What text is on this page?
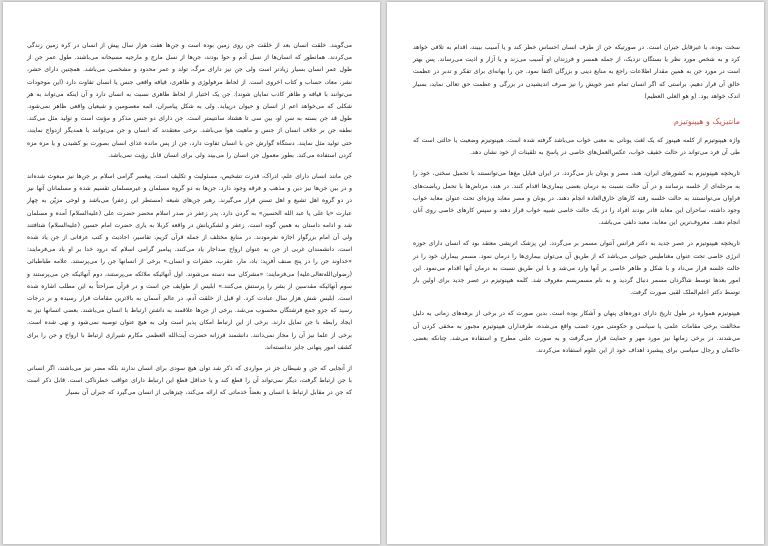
می‌گویند. خلقت انسان بعد از خلقت جن روی زمین بوده است و جن‌ها هفت هزار سال پیش از انسان در کره زمین زندگی می‌کردند. همانطور که انسان‌ها از نسل آدم و حوا بودند، جن‌ها از نسل مارج و مارجیه مسیحانه می‌باشند. طول عمر جن از طول عمر انسان بسیار زیادتر است ولی جن نیز دارای مرگ، تولد و عمر محدود و مشخصی می‌باشد. همچنین دارای حشر، نشر، معاد، حساب و کتاب اخروی است. از لحاظ مرفولوژی و ظاهری، قیافه واقعی جنس یا انسان تفاوت دارد (این موجودات می‌توانند با قیافه و ظاهر کاذب نمایان شوند). جن یک اختیار از لحاظ ظاهری نسبت به انسان دارد و آن اینکه می‌تواند به هر شکلی که می‌خواهد اعم از انسان و حیوان درپیاید. ولی به شکل پیامبران، ائمه معصومین و شیعیان واقعی ظاهر نمی‌شود. طول قد جن بسته به سن او، بین سی تا هشتاد سانتیمتر است. جن دارای دو جنس مذکر و مؤنث است و تولید مثل می‌کند. نطفه جن بر خلاف انسان از جنس و ماهیت هوا می‌باشد. برخی معتقدند که انسان و جن می‌توانند با همدیگر ازدواج نمایند، حتی تولید مثل نمایند. دستگاه گوارش جن با انسان تفاوت دارد، جن از پس مانده غذای انسان بصورت بو کشیدن و یا مزه مزه کردن استفاده می‌کند. بطور معمول جن انسان را می‌بیند ولی برای انسان قابل رؤیت نمی‌باشد.

جن مانند انسان دارای علم، ادراک، قدرت تشخیص، مسئولیت و تکلیف است. پیغمبر گرامی اسلام بر جن‌ها نیز مبعوث شده‌اند و در بین جن‌ها نیز دین و مذهب و فرقه وجود دارد. جن‌ها به دو گروه مسلمان و غیرمسلمان تقسیم شده و مسلمانان آنها نیز در دو گروه اهل تشیع و اهل تسنن قرار می‌گیرند. رهبر جن‌های شیعه (مستطر ابن زعفر) می‌باشد و لوحی مزیّن به چهار عبارت «یا علی یا عبد الله الحسین» به گردن دارد. پدر زعفر در صدر اسلام محضر حضرت علی (علیه‌السلام) آمده و مسلمان شد و ادامه داستان به همین گونه است. زعفر و لشکریانش در واقعه کربلا به یاری حضرت امام حسین (علیه‌السلام) شتافتند ولی آن امام بزرگوار اجازه نفرمودند. در منابع مختلف از جمله قرآن کریم، تفاسیر، احادیث و کتب عرفانی از جن یاد شده است. دانشمندان غربی از جن به عنوان ارواح صداجار یاد می‌کنند. پیامبر گرامی اسلام که درود خدا بر او باد می‌فرمایند: «خداوند جن را در پنج صنف آفرید: باد، مار، عقرب، حشرات و انسان.» برخی از انسانها جن را می‌پرستند. علامه طباطبائی (رضوان‌الله‌تعالی‌علیه) می‌فرمایند: «مشرکان سه دسته می‌شوند. اول آنهائیکه ملائکه می‌پرستند، دوم آنهائیکه جن می‌پرستند و سوم آنهائیکه مقدسین از بشر را پرستش می‌کنند.» ابلیس از طوایف جن است و در قرآن صراحتاً به این مطلب اشاره شده است. ابلیس شش هزار سال عبادت کرد. او قبل از خلقت آدم، در عالم آسمان به بالاترین مقامات قرار رسیده و بر درجات رسید که جزو جمع فرشتگان محسوب می‌شد. برخی از جن‌ها علاقمند به داشتن ارتباط با انسان می‌باشند. بعضی انسانها نیز به ایجاد رابطه با جن تمایل دارند. برخی از این ارتباط امکان پذیر است ولی به هیچ عنوان توصیه نمی‌شود و نهی شده است. برخی از علما نیز آن را مجاز نمی‌دانند. دانشمند فرزانه حضرت آیت‌الله العظمی مکارم شیرازی ارتباط با ارواح و جن را برای کشف امور پنهانی جایز ندانسته‌اند.

از آنجایی که جن و شیطان جز در مواردی که ذکر شد توان هیچ سودی برای انسان ندارند بلکه مضر نیز می‌باشند، اگر انسانی با جن ارتباط گرفت، دیگر نمی‌تواند آن را قطع کند و یا حداقل قطع این ارتباط دارای عواقب خطرناکی است. قابل ذکر است که جن در مقابل ارتباط با انسان و بعضاً خدماتی که ارائه می‌کند، چیزهایی از انسان می‌گیرد که جبران آن بسیار

سخت بوده، یا غیرقابل جبران است. در صورتیکه جن از طرف انسان احساس خطر کند و یا آسیب ببیند، اقدام به تلافی خواهد کرد و به شخص مورد نظر یا بستگان نزدیک، از جمله همسر و فرزندان او آسیب می‌زند و یا آزار و اذیت می‌رساند. پس بهتر است در مورد جن به همین مقدار اطلاعات راجع به منابع دینی و بزرگان اکتفا نمود. جن را بهانه‌ای برای تفکر و تدبر در عظمت خالق آن قرار دهیم. براستی که اگر انسان تمام عمر خویش را نیز صرف اندیشیدن در بزرگی و عظمت حق تعالی نماید، بسیار اندک خواهد بود. (و هو العلی العظیم)

مانتیزیک و هیپنوتیزم

واژه هیپنوتیزم از کلمه هیپنوز که یک لغت یونانی به معنی خواب می‌باشد گرفته شده است. هیپنوتیزم وضعیت یا حالتی است که طی آن فرد می‌تواند در حالت خفیف خواب، عکس‌العمل‌های خاصی در پاسخ به تلقینات از خود نشان دهد.

تاریخچه هیپنوتیزم به کشورهای ایران، هند، مصر و یونان باز می‌گردد. در ایران قبایل مغ‌ها می‌توانستند با تحمیل سخنی، خود را به مرحله‌ای از خلسه برسانند و در آن حالت نسبت به درمان بعضی بیماری‌ها اقدام کنند. در هند، مرتاض‌ها با تحمل ریاضت‌های فراوان می‌توانستند به حالت خلسه رفته کارهای خارق‌العاده انجام دهند. در یونان و مصر معابد ویژه‌ای تحت عنوان معابد خواب وجود داشته، ساحران این معابد قادر بودند افراد را در یک حالت خاصی شبیه خواب قرار دهند و سپس کارهای خاصی روی آنان انجام دهند. معروف‌ترین این معابد، معبد دلفی می‌باشد.

تاریخچه هیپنوتیزم در عصر جدید به دکتر فرانس آنتوان مسمر بر می‌گردد. این پزشک اتریشی معتقد بود که انسان دارای حوزه انرژی خاصی تحت عنوان مغناطیس حیوانی می‌باشد که از طریق آن می‌توان بیماری‌ها را درمان نمود. مسمر بیماران خود را در حالت خلسه قرار می‌داد و با شکل و ظاهر خاصی بر آنها وارد می‌شد و با این طریق نسبت به درمان آنها اقدام می‌نمود. این امور بعدها توسط شاگردان مسمر دنبال گردید و به نام مسمریسم معروف شد. کلمه هیپنوتیزم در عصر جدید برای اولین بار توسط دکتر اعلم‌الملک لقبی صورت گرفت.

هیپنوتیزم همواره در طول تاریخ دارای دوره‌های پنهان و آشکار بوده است. بدین صورت که در برخی از برهه‌های زمانی به دلیل مخالفت برخی مقامات علمی یا سیاسی و حکومتی مورد غضب واقع می‌شده، طرفداران هیپنوتیزم مجبور به مخفی کردن آن می‌شدند. در برخی زمانها نیز مورد مهر و حمایت قرار می‌گرفت و به صورت علنی مطرح و استفاده می‌شد. چنانکه بعضی حاکمان و رجال سیاسی برای پیشبرد اهداف خود از این علوم استفاده می‌کردند.
